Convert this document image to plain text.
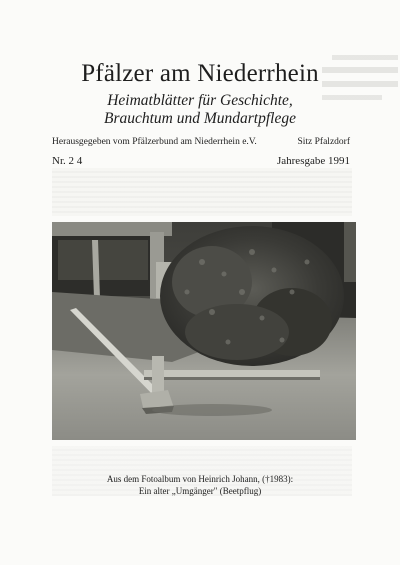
Pfälzer am Niederrhein
Heimatblätter für Geschichte,
Brauchtum und Mundartpflege
Herausgegeben vom Pfälzerbund am Niederrhein e.V.	Sitz Pfalzdorf
Nr. 2 4	Jahresgabe 1991
Aus dem Fotoalbum von Heinrich Johann, (†1983):
Ein alter „Umgänger" (Beetpflug)
